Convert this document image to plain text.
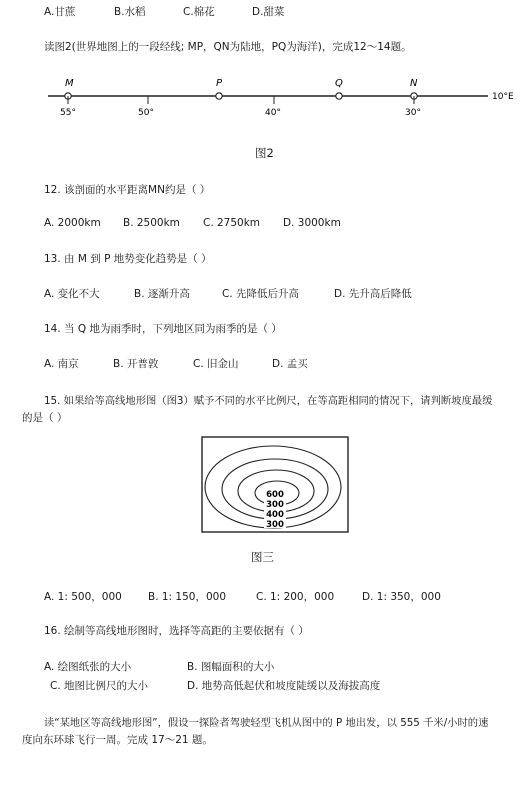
A.甘蔗	B.水稻	C.棉花	D.甜菜
读图2(世界地图上的一段经线; MP，QN为陆地，PQ为海洋)，完成12～14题。
M	P	Q	N
55°	50°	40°	30°
10°E
图2
12. 该剖面的水平距离MN约是（ ）
A. 2000km B. 2500km C. 2750km D. 3000km
13. 由 M 到 P 地势变化趋势是（ ）
A. 变化不大	B. 逐渐升高	C. 先降低后升高	D. 先升高后降低
14. 当 Q 地为雨季时，下列地区同为雨季的是（ ）
A. 南京	B. 开普敦	C. 旧金山	D. 孟买
15. 如果给等高线地形图（图3）赋予不同的水平比例尺，在等高距相同的情况下，请判断坡度最缓
的是（ ）
600
300
400
300
图三
A. 1: 500，000 B. 1: 150，000	C. 1: 200，000	D. 1: 350，000
16. 绘制等高线地形图时，选择等高距的主要依据有（ ）
A. 绘图纸张的大小	B. 图幅面积的大小
C. 地图比例尺的大小	D. 地势高低起伏和坡度陡缓以及海拔高度
读“某地区等高线地形图”，假设一探险者驾驶轻型飞机从图中的 P 地出发，以 555 千米/小时的速
度向东环球飞行一周。完成 17～21 题。
